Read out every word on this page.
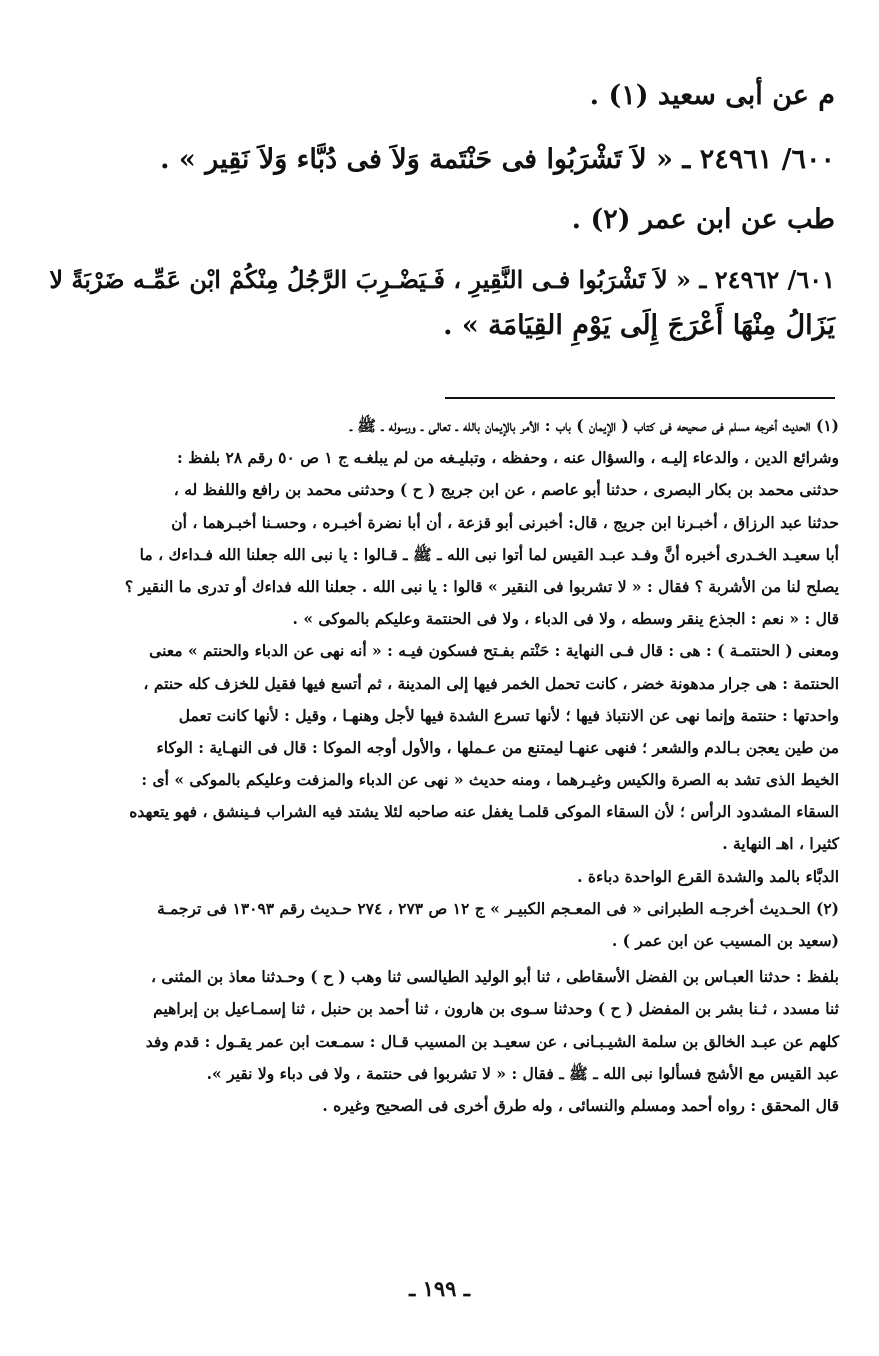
م عن أبى سعيد (١) .

٦٠٠/ ٢٤٩٦١ ـ « لاَ تَشْرَبُوا فى حَنْتَمة وَلاَ فى دُبَّاء وَلاَ نَقِير » .

طب عن ابن عمر (٢) .

٦٠١/ ٢٤٩٦٢ ـ « لاَ تَشْرَبُوا فـى النَّقِيرِ ، فَـيَضْـرِبَ الرَّجُلُ مِنْكُمْ ابْن عَمِّـه ضَرْبَةً لا

يَزَالُ مِنْهَا أَعْرَجَ إِلَى يَوْمِ القِيَامَة » .

(١) الحديث أخرجه مسلم فى صحيحه فى كتاب ( الإيمان ) باب : الأمر بالإيمان بالله ـ تعالى ـ ورسوله ـ ﷺ ـ

وشرائع الدين ، والدعاء إليـه ، والسؤال عنه ، وحفظه ، وتبليـغه من لم يبلغـه ج ١ ص ٥٠ رقم ٢٨ بلفظ :

حدثنى محمد بن بكار البصرى ، حدثنا أبو عاصم ، عن ابن جريج ( ح ) وحدثنى محمد بن رافع واللفظ له ،

حدثنا عبد الرزاق ، أخبـرنا ابن جريج ، قال: أخبرنى أبو قزعة ، أن أبا نضرة أخبـره ، وحسـنا أخبـرهما ، أن

أبا سعيـد الخـدرى أخبره أنَّ وفـد عبـد القيس لما أتوا نبى الله ـ ﷺ ـ قـالوا : يا نبى الله جعلنا الله فـداءك ، ما

يصلح لنا من الأشربة ؟ فقال : « لا تشربوا فى النقير » قالوا : يا نبى الله . جعلنا الله فداءك أو تدرى ما النقير ؟

قال : « نعم : الجذع ينقر وسطه ، ولا فى الدباء ، ولا فى الحنتمة وعليكم بالموكى » .

ومعنى ( الحنتمـة ) : هى : قال فـى النهاية : حَنْتم بفـتح فسكون فيـه : « أنه نهى عن الدباء والحنتم » معنى

الحنتمة : هى جرار مدهونة خضر ، كانت تحمل الخمر فيها إلى المدينة ، ثم أتسع فيها فقيل للخزف كله حنتم ،

واحدتها : حنتمة وإنما نهى عن الانتباذ فيها ؛ لأنها تسرع الشدة فيها لأجل وهنهـا ، وقيل : لأنها كانت تعمل

من طين يعجن بـالدم والشعر ؛ فنهى عنهـا ليمتنع من عـملها ، والأول أوجه الموكا : قال فى النهـاية : الوكاء

الخيط الذى تشد به الصرة والكيس وغيـرهما ، ومنه حديث « نهى عن الدباء والمزفت وعليكم بالموكى » أى :

السقاء المشدود الرأس ؛ لأن السقاء الموكى قلمـا يغفل عنه صاحبه لئلا يشتد فيه الشراب فـينشق ، فهو يتعهده

كثيرا ، اهـ النهاية .

الدبَّاء بالمد والشدة القرع الواحدة دباءة .

(٢) الحـديث أخرجـه الطبرانى « فى المعـجم الكبيـر » ج ١٢ ص ٢٧٣ ، ٢٧٤ حـديث رقم ١٣٠٩٣ فى ترجمـة

(سعيد بن المسيب عن ابن عمر ) .

بلفظ : حدثنا العبـاس بن الفضل الأسقاطى ، ثنا أبو الوليد الطيالسى ثنا وهب ( ح ) وحـدثنا معاذ بن المثنى ،

ثنا مسدد ، ثـنا بشر بن المفضل ( ح ) وحدثنا سـوى بن هارون ، ثنا أحمد بن حنبل ، ثنا إسمـاعيل بن إبراهيم

كلهم عن عبـد الخالق بن سلمة الشيـبـانى ، عن سعيـد بن المسيب قـال : سمـعت ابن عمر يقـول : قدم وفد

عبد القيس مع الأشج فسألوا نبى الله ـ ﷺ ـ فقال : « لا تشربوا فى حنتمة ، ولا فى دباء ولا نقير ».

قال المحقق : رواه أحمد ومسلم والنسائى ، وله طرق أخرى فى الصحيح وغيره .

ـ ١٩٩ ـ
